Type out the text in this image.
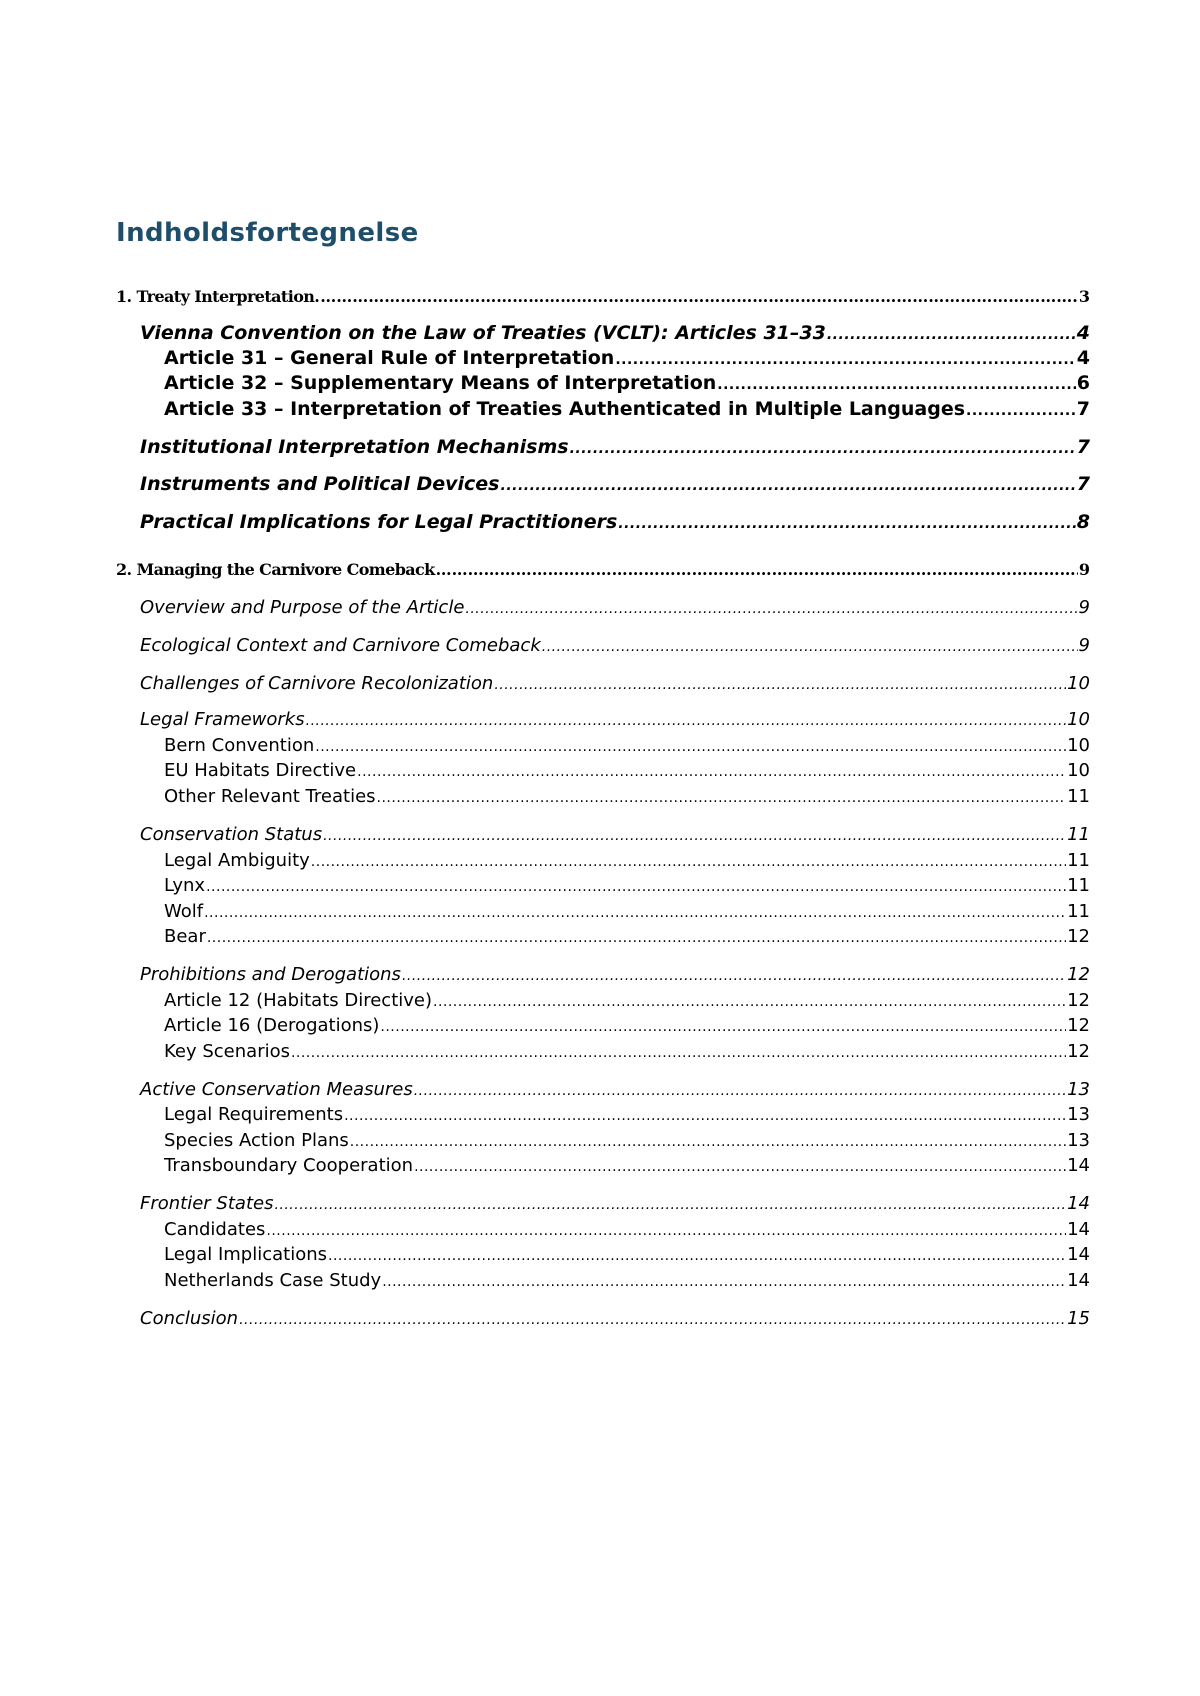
Indholdsfortegnelse
1. Treaty Interpretation. ………………………………………………………………………………………………………………………………………………………………………………………………………………………	3
Vienna Convention on the Law of Treaties (VCLT): Articles 31–33 .....	4
Article 31 – General Rule of Interpretation .....	4
Article 32 – Supplementary Means of Interpretation .....	6
Article 33 – Interpretation of Treaties Authenticated in Multiple Languages .....	7
Institutional Interpretation Mechanisms .....	7
Instruments and Political Devices .....	7
Practical Implications for Legal Practitioners .....	8
2. Managing the Carnivore Comeback ………………………………………………………………………………………………………………………………………………………………………………………………………………………	9
Overview and Purpose of the Article .....	9
Ecological Context and Carnivore Comeback .....	9
Challenges of Carnivore Recolonization .....	10
Legal Frameworks .....	10
Bern Convention .....	10
EU Habitats Directive .....	10
Other Relevant Treaties .....	11
Conservation Status .....	11
Legal Ambiguity .....	11
Lynx .....	11
Wolf .....	11
Bear .....	12
Prohibitions and Derogations .....	12
Article 12 (Habitats Directive) .....	12
Article 16 (Derogations) .....	12
Key Scenarios .....	12
Active Conservation Measures .....	13
Legal Requirements .....	13
Species Action Plans .....	13
Transboundary Cooperation .....	14
Frontier States .....	14
Candidates .....	14
Legal Implications .....	14
Netherlands Case Study .....	14
Conclusion .....	15
